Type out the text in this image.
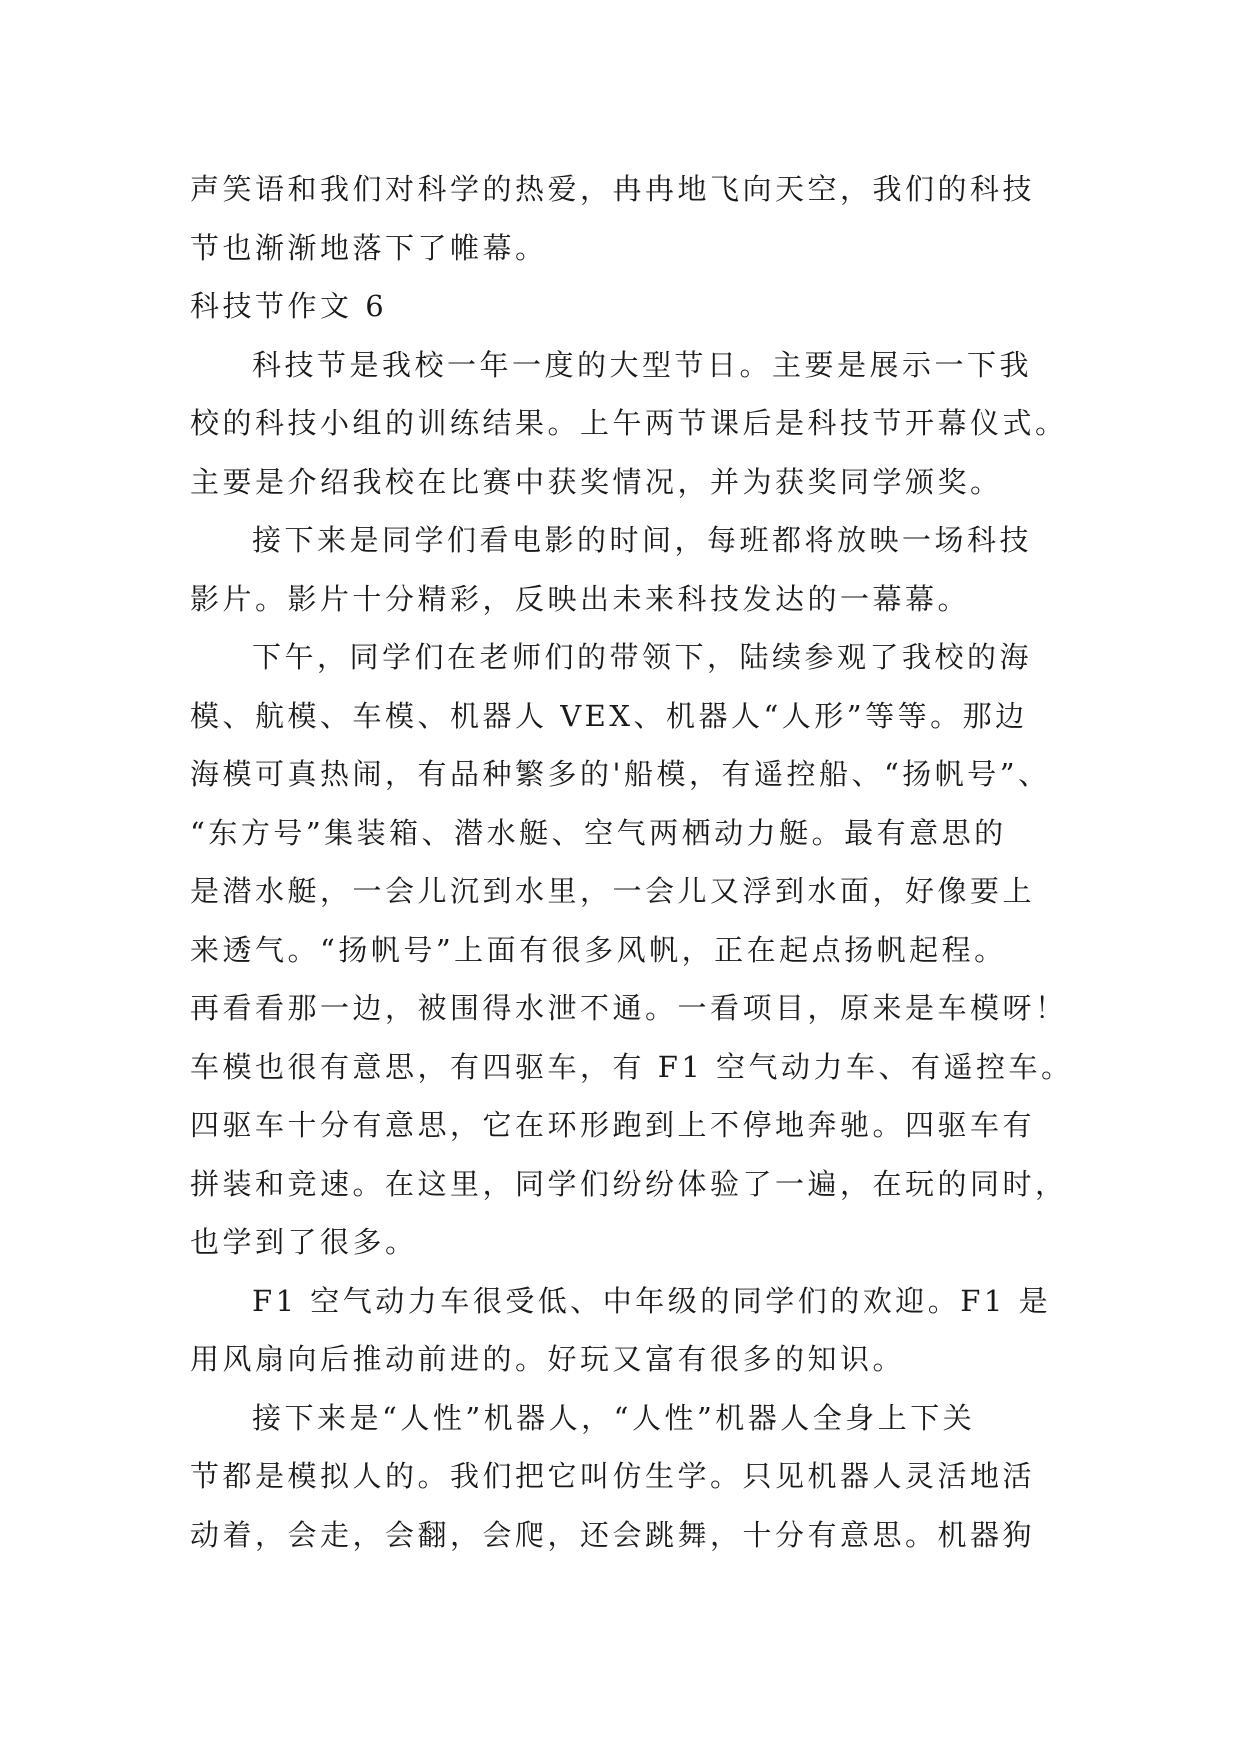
声笑语和我们对科学的热爱，冉冉地飞向天空，我们的科技
节也渐渐地落下了帷幕。
科技节作文 6
科技节是我校一年一度的大型节日。主要是展示一下我
校的科技小组的训练结果。上午两节课后是科技节开幕仪式。
主要是介绍我校在比赛中获奖情况，并为获奖同学颁奖。
接下来是同学们看电影的时间，每班都将放映一场科技
影片。影片十分精彩，反映出未来科技发达的一幕幕。
下午，同学们在老师们的带领下，陆续参观了我校的海
模、航模、车模、机器人 VEX、机器人“人形”等等。那边
海模可真热闹，有品种繁多的'船模，有遥控船、“扬帆号”、
“东方号”集装箱、潜水艇、空气两栖动力艇。最有意思的
是潜水艇，一会儿沉到水里，一会儿又浮到水面，好像要上
来透气。“扬帆号”上面有很多风帆，正在起点扬帆起程。
再看看那一边，被围得水泄不通。一看项目，原来是车模呀！
车模也很有意思，有四驱车，有 F1 空气动力车、有遥控车。
四驱车十分有意思，它在环形跑到上不停地奔驰。四驱车有
拼装和竞速。在这里，同学们纷纷体验了一遍，在玩的同时，
也学到了很多。
F1 空气动力车很受低、中年级的同学们的欢迎。F1 是
用风扇向后推动前进的。好玩又富有很多的知识。
接下来是“人性”机器人，“人性”机器人全身上下关
节都是模拟人的。我们把它叫仿生学。只见机器人灵活地活
动着，会走，会翻，会爬，还会跳舞，十分有意思。机器狗
